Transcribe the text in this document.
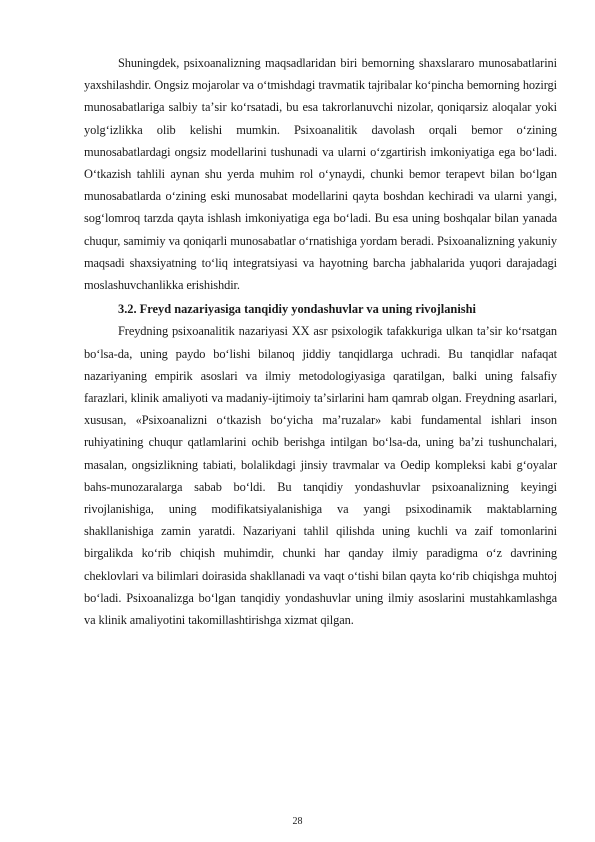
Shuningdek, psixoanalizning maqsadlaridan biri bemorning shaxslararo munosabatlarini yaxshilashdir. Ongsiz mojarolar va oʻtmishdagi travmatik tajribalar koʻpincha bemorning hozirgi munosabatlariga salbiy taʼsir koʻrsatadi, bu esa takrorlanuvchi nizolar, qoniqarsiz aloqalar yoki yolgʻizlikka olib kelishi mumkin. Psixoanalitik davolash orqali bemor oʻzining munosabatlardagi ongsiz modellarini tushunadi va ularni oʻzgartirish imkoniyatiga ega boʻladi. Oʻtkazish tahlili aynan shu yerda muhim rol oʻynaydi, chunki bemor terapevt bilan boʻlgan munosabatlarda oʻzining eski munosabat modellarini qayta boshdan kechiradi va ularni yangi, sogʻlomroq tarzda qayta ishlash imkoniyatiga ega boʻladi. Bu esa uning boshqalar bilan yanada chuqur, samimiy va qoniqarli munosabatlar oʻrnatishiga yordam beradi. Psixoanalizning yakuniy maqsadi shaxsiyatning toʻliq integratsiyasi va hayotning barcha jabhalarida yuqori darajadagi moslashuvchanlikka erishishdir.

3.2. Freyd nazariyasiga tanqidiy yondashuvlar va uning rivojlanishi

Freydning psixoanalitik nazariyasi XX asr psixologik tafakkuriga ulkan taʼsir koʻrsatgan boʻlsa-da, uning paydo boʻlishi bilanoq jiddiy tanqidlarga uchradi. Bu tanqidlar nafaqat nazariyaning empirik asoslari va ilmiy metodologiyasiga qaratilgan, balki uning falsafiy farazlari, klinik amaliyoti va madaniy-ijtimoiy taʼsirlarini ham qamrab olgan. Freydning asarlari, xususan, «Psixoanalizni oʻtkazish boʻyicha maʼruzalar» kabi fundamental ishlari inson ruhiyatining chuqur qatlamlarini ochib berishga intilgan boʻlsa-da, uning baʼzi tushunchalari, masalan, ongsizlikning tabiati, bolalikdagi jinsiy travmalar va Oedip kompleksi kabi gʻoyalar bahs-munozaralarga sabab boʻldi. Bu tanqidiy yondashuvlar psixoanalizning keyingi rivojlanishiga, uning modifikatsiyalanishiga va yangi psixodinamik maktablarning shakllanishiga zamin yaratdi. Nazariyani tahlil qilishda uning kuchli va zaif tomonlarini birgalikda koʻrib chiqish muhimdir, chunki har qanday ilmiy paradigma oʻz davrining cheklovlari va bilimlari doirasida shakllanadi va vaqt oʻtishi bilan qayta koʻrib chiqishga muhtoj boʻladi. Psixoanalizga boʻlgan tanqidiy yondashuvlar uning ilmiy asoslarini mustahkamlashga va klinik amaliyotini takomillashtirishga xizmat qilgan.

28
